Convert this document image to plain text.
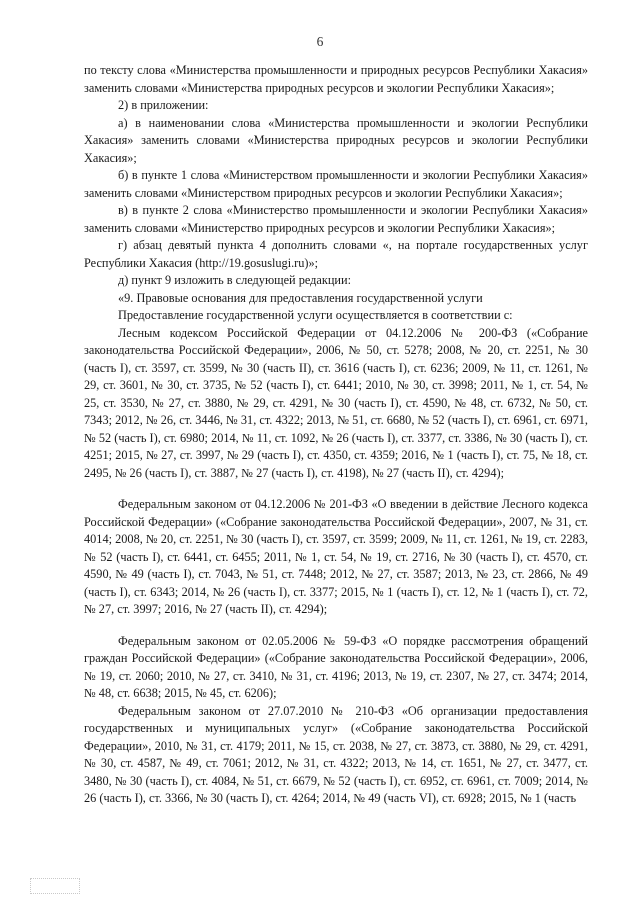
6

по тексту слова «Министерства промышленности и природных ресурсов Республики Хакасия» заменить словами «Министерства природных ресурсов и экологии Республики Хакасия»;

2) в приложении:

а) в наименовании слова «Министерства промышленности и экологии Республики Хакасия» заменить словами «Министерства природных ресурсов и экологии Республики Хакасия»;

б) в пункте 1 слова «Министерством промышленности и экологии Республики Хакасия» заменить словами «Министерством природных ресурсов и экологии Республики Хакасия»;

в) в пункте 2 слова «Министерство промышленности и экологии Республики Хакасия» заменить словами «Министерство природных ресурсов и экологии Республики Хакасия»;

г) абзац девятый пункта 4 дополнить словами «, на портале государственных услуг Республики Хакасия (http://19.gosuslugi.ru)»;

д) пункт 9 изложить в следующей редакции:

«9. Правовые основания для предоставления государственной услуги

Предоставление государственной услуги осуществляется в соответствии с:

Лесным кодексом Российской Федерации от 04.12.2006 № 200-ФЗ («Собрание законодательства Российской Федерации», 2006, № 50, ст. 5278; 2008, № 20, ст. 2251, № 30 (часть I), ст. 3597, ст. 3599, № 30 (часть II), ст. 3616 (часть I), ст. 6236; 2009, № 11, ст. 1261, № 29, ст. 3601, № 30, ст. 3735, № 52 (часть I), ст. 6441; 2010, № 30, ст. 3998; 2011, № 1, ст. 54, № 25, ст. 3530, № 27, ст. 3880, № 29, ст. 4291, № 30 (часть I), ст. 4590, № 48, ст. 6732, № 50, ст. 7343; 2012, № 26, ст. 3446, № 31, ст. 4322; 2013, № 51, ст. 6680, № 52 (часть I), ст. 6961, ст. 6971, № 52 (часть I), ст. 6980; 2014, № 11, ст. 1092, № 26 (часть I), ст. 3377, ст. 3386, № 30 (часть I), ст. 4251; 2015, № 27, ст. 3997, № 29 (часть I), ст. 4350, ст. 4359; 2016, № 1 (часть I), ст. 75, № 18, ст. 2495, № 26 (часть I), ст. 3887, № 27 (часть I), ст. 4198), № 27 (часть II), ст. 4294);

Федеральным законом от 04.12.2006 № 201-ФЗ «О введении в действие Лесного кодекса Российской Федерации» («Собрание законодательства Российской Федерации», 2007, № 31, ст. 4014; 2008, № 20, ст. 2251, № 30 (часть I), ст. 3597, ст. 3599; 2009, № 11, ст. 1261, № 19, ст. 2283, № 52 (часть I), ст. 6441, ст. 6455; 2011, № 1, ст. 54, № 19, ст. 2716, № 30 (часть I), ст. 4570, ст. 4590, № 49 (часть I), ст. 7043, № 51, ст. 7448; 2012, № 27, ст. 3587; 2013, № 23, ст. 2866, № 49 (часть I), ст. 6343; 2014, № 26 (часть I), ст. 3377; 2015, № 1 (часть I), ст. 12, № 1 (часть I), ст. 72, № 27, ст. 3997; 2016, № 27 (часть II), ст. 4294);

Федеральным законом от 02.05.2006 № 59-ФЗ «О порядке рассмотрения обращений граждан Российской Федерации» («Собрание законодательства Российской Федерации», 2006, № 19, ст. 2060; 2010, № 27, ст. 3410, № 31, ст. 4196; 2013, № 19, ст. 2307, № 27, ст. 3474; 2014, № 48, ст. 6638; 2015, № 45, ст. 6206);

Федеральным законом от 27.07.2010 № 210-ФЗ «Об организации предоставления государственных и муниципальных услуг» («Собрание законодательства Российской Федерации», 2010, № 31, ст. 4179; 2011, № 15, ст. 2038, № 27, ст. 3873, ст. 3880, № 29, ст. 4291, № 30, ст. 4587, № 49, ст. 7061; 2012, № 31, ст. 4322; 2013, № 14, ст. 1651, № 27, ст. 3477, ст. 3480, № 30 (часть I), ст. 4084, № 51, ст. 6679, № 52 (часть I), ст. 6952, ст. 6961, ст. 7009; 2014, № 26 (часть I), ст. 3366, № 30 (часть I), ст. 4264; 2014, № 49 (часть VI), ст. 6928; 2015, № 1 (часть
